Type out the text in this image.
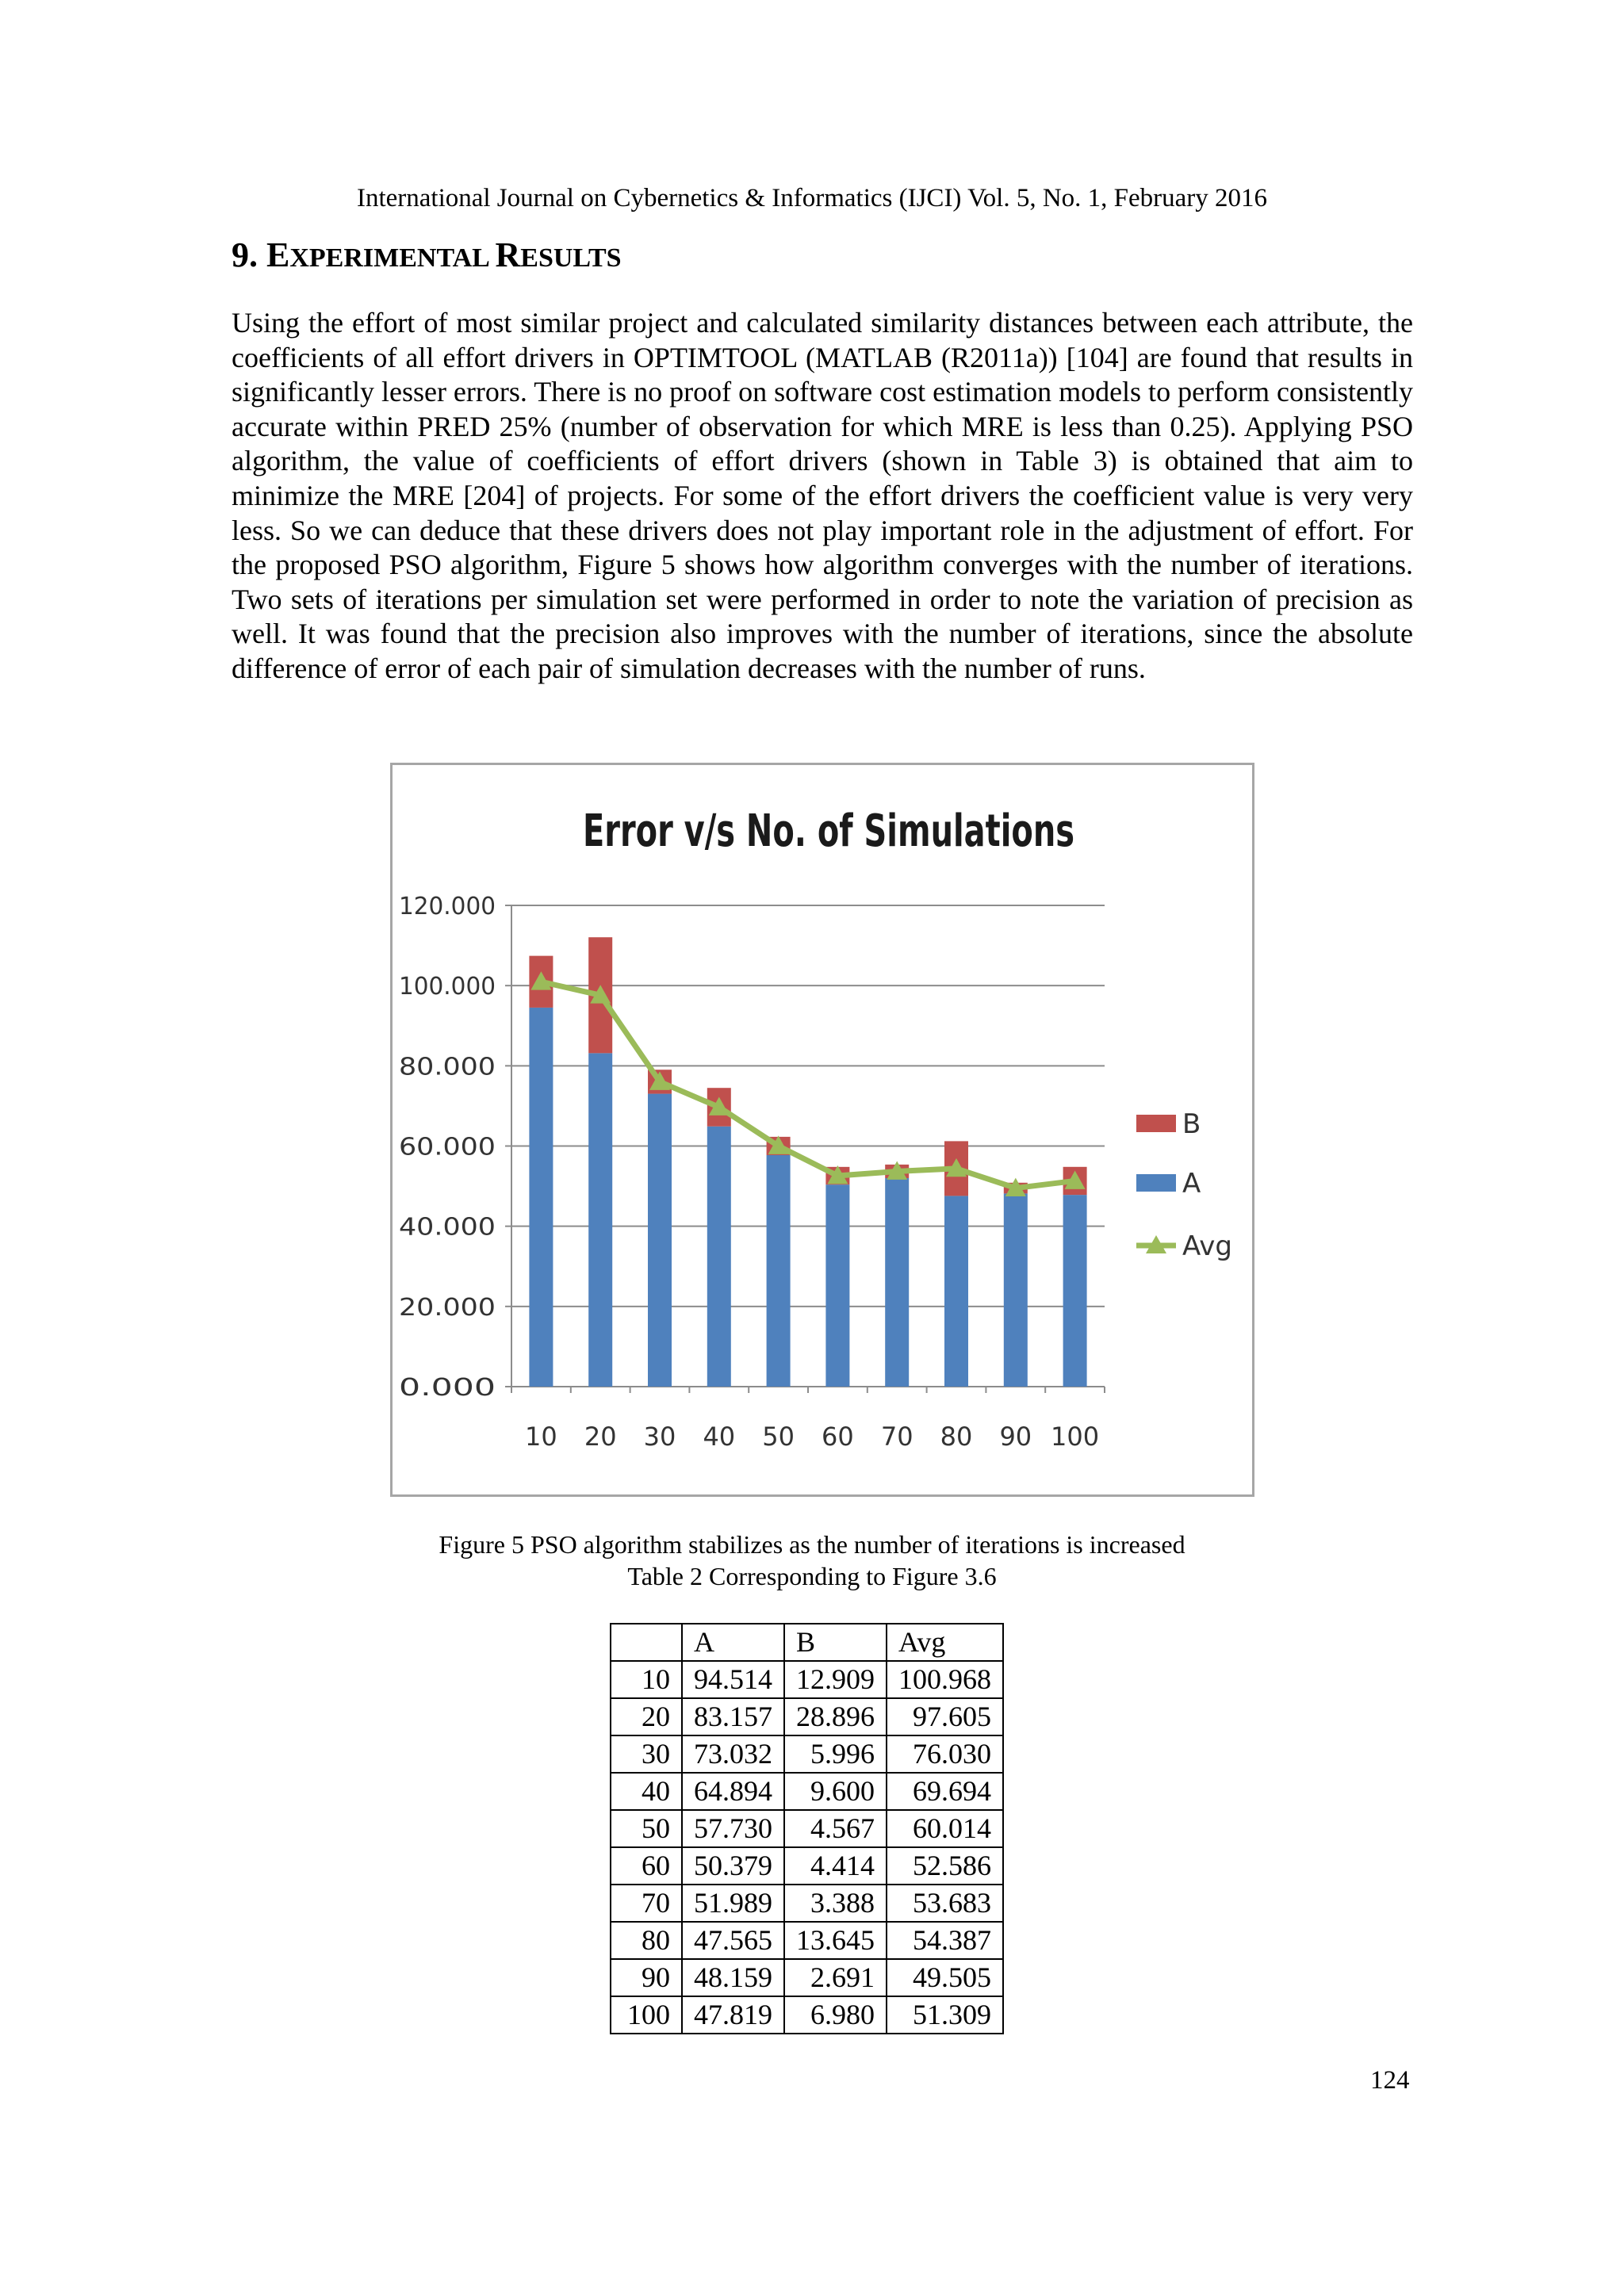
International Journal on Cybernetics & Informatics (IJCI) Vol. 5, No. 1, February 2016
9. EXPERIMENTAL RESULTS

Using the effort of most similar project and calculated similarity distances between each attribute, the coefficients of all effort drivers in OPTIMTOOL (MATLAB (R2011a)) [104] are found that results in significantly lesser errors. There is no proof on software cost estimation models to perform consistently accurate within PRED 25% (number of observation for which MRE is less than 0.25). Applying PSO algorithm, the value of coefficients of effort drivers (shown in Table 3) is obtained that aim to minimize the MRE [204] of projects. For some of the effort drivers the coefficient value is very very less. So we can deduce that these drivers does not play important role in the adjustment of effort. For the proposed PSO algorithm, Figure 5 shows how algorithm converges with the number of iterations. Two sets of iterations per simulation set were performed in order to note the variation of precision as well. It was found that the precision also improves with the number of iterations, since the absolute difference of error of each pair of simulation decreases with the number of runs.

Error v/s No. of Simulations
0.000
20.000
40.000
60.000
80.000
100.000
120.000
10 20 30 40 50 60 70 80 90 100
B
A
Avg
Figure 5 PSO algorithm stabilizes as the number of iterations is increased
Table 2 Corresponding to Figure 3.6
	A	B	Avg
10	94.514	12.909	100.968
20	83.157	28.896	97.605
30	73.032	5.996	76.030
40	64.894	9.600	69.694
50	57.730	4.567	60.014
60	50.379	4.414	52.586
70	51.989	3.388	53.683
80	47.565	13.645	54.387
90	48.159	2.691	49.505
100	47.819	6.980	51.309
124
